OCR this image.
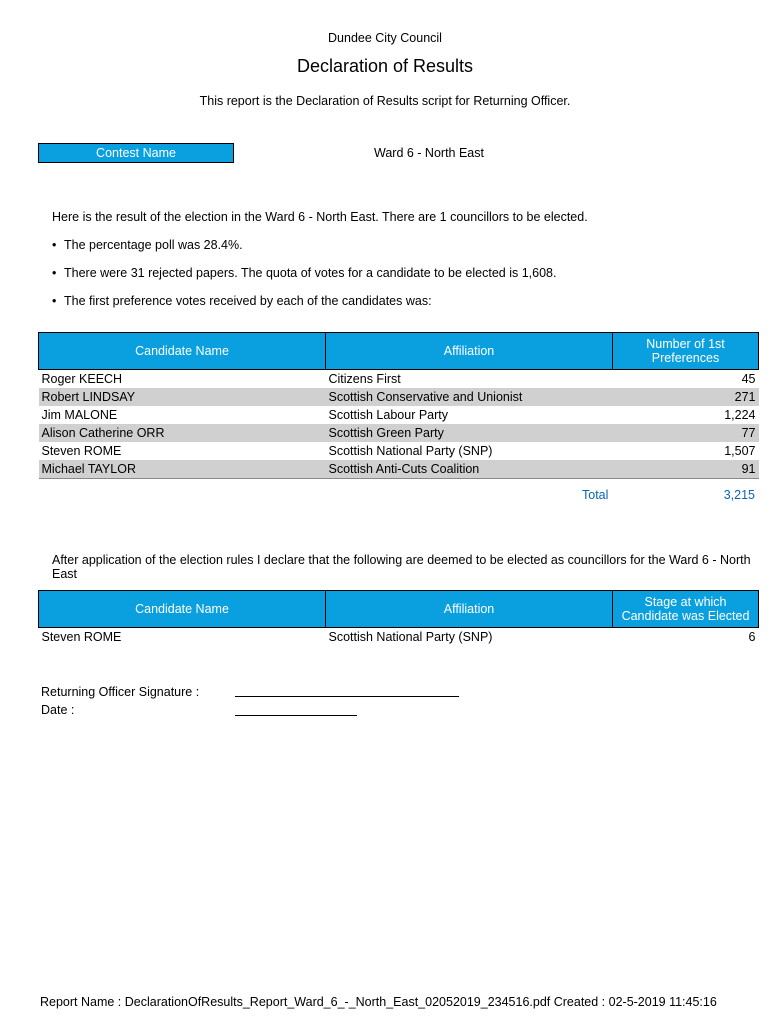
Dundee City Council
Declaration of Results
This report is the Declaration of Results script for Returning Officer.
Contest Name	Ward 6 - North East
Here is the result of the election in the Ward 6 - North East. There are 1 councillors to be elected.
• The percentage poll was 28.4%.
• There were 31 rejected papers. The quota of votes for a candidate to be elected is 1,608.
• The first preference votes received by each of the candidates was:
Candidate Name	Affiliation	Number of 1st Preferences
Roger KEECH	Citizens First	45
Robert LINDSAY	Scottish Conservative and Unionist	271
Jim MALONE	Scottish Labour Party	1,224
Alison Catherine ORR	Scottish Green Party	77
Steven ROME	Scottish National Party (SNP)	1,507
Michael TAYLOR	Scottish Anti-Cuts Coalition	91
Total	3,215
After application of the election rules I declare that the following are deemed to be elected as councillors for the Ward 6 - North East
Candidate Name	Affiliation	Stage at which Candidate was Elected
Steven ROME	Scottish National Party (SNP)	6
Returning Officer Signature :
Date :
Report Name : DeclarationOfResults_Report_Ward_6_-_North_East_02052019_234516.pdf Created : 02-5-2019 11:45:16
